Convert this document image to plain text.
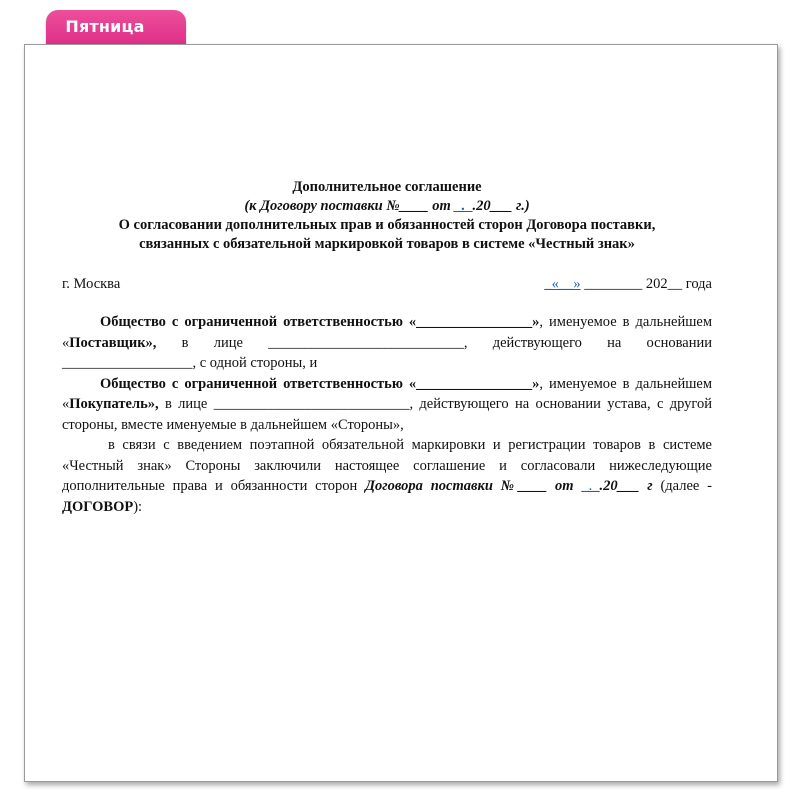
Пятница
Дополнительное соглашение
(к Договору поставки №____ от _._.20___ г.)
О согласовании дополнительных прав и обязанностей сторон Договора поставки,
связанных с обязательной маркировкой товаров в системе «Честный знак»
г. Москва	_«__» ________ 202__ года

Общество с ограниченной ответственностью «________________», именуемое в дальнейшем «Поставщик», в лице ___________________________, действующего на основании __________________, с одной стороны, и

Общество с ограниченной ответственностью «________________», именуемое в дальнейшем «Покупатель», в лице ___________________________, действующего на основании устава, с другой стороны, вместе именуемые в дальнейшем «Стороны»,

в связи с введением поэтапной обязательной маркировки и регистрации товаров в системе «Честный знак» Стороны заключили настоящее соглашение и согласовали нижеследующие дополнительные права и обязанности сторон Договора поставки №____ от _._.20___ г (далее - ДОГОВОР):
